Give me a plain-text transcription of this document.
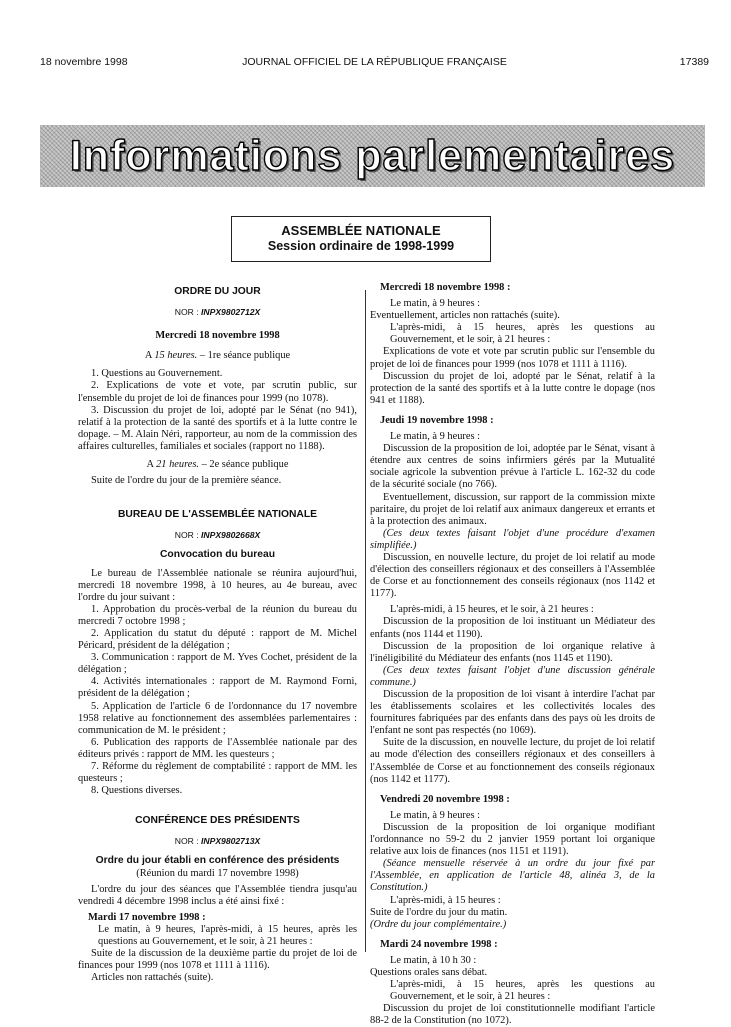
18 novembre 1998	JOURNAL OFFICIEL DE LA RÉPUBLIQUE FRANÇAISE	17389
Informations parlementaires
ASSEMBLÉE NATIONALE
Session ordinaire de 1998-1999
ORDRE DU JOUR
NOR : INPX9802712X
Mercredi 18 novembre 1998

A 15 heures. – 1re séance publique

1. Questions au Gouvernement.

2. Explications de vote et vote, par scrutin public, sur l'ensemble du projet de loi de finances pour 1999 (no 1078).

3. Discussion du projet de loi, adopté par le Sénat (no 941), relatif à la protection de la santé des sportifs et à la lutte contre le dopage. – M. Alain Néri, rapporteur, au nom de la commission des affaires culturelles, familiales et sociales (rapport no 1188).

A 21 heures. – 2e séance publique

Suite de l'ordre du jour de la première séance.

BUREAU DE L'ASSEMBLÉE NATIONALE
NOR : INPX9802668X
Convocation du bureau

Le bureau de l'Assemblée nationale se réunira aujourd'hui, mercredi 18 novembre 1998, à 10 heures, au 4e bureau, avec l'ordre du jour suivant :

1. Approbation du procès-verbal de la réunion du bureau du mercredi 7 octobre 1998 ;

2. Application du statut du député : rapport de M. Michel Péricard, président de la délégation ;

3. Communication : rapport de M. Yves Cochet, président de la délégation ;

4. Activités internationales : rapport de M. Raymond Forni, président de la délégation ;

5. Application de l'article 6 de l'ordonnance du 17 novembre 1958 relative au fonctionnement des assemblées parlementaires : communication de M. le président ;

6. Publication des rapports de l'Assemblée nationale par des éditeurs privés : rapport de MM. les questeurs ;

7. Réforme du règlement de comptabilité : rapport de MM. les questeurs ;

8. Questions diverses.

CONFÉRENCE DES PRÉSIDENTS
NOR : INPX9802713X
Ordre du jour établi en conférence des présidents

(Réunion du mardi 17 novembre 1998)

L'ordre du jour des séances que l'Assemblée tiendra jusqu'au vendredi 4 décembre 1998 inclus a été ainsi fixé :

Mardi 17 novembre 1998 :

Le matin, à 9 heures, l'après-midi, à 15 heures, après les questions au Gouvernement, et le soir, à 21 heures :

Suite de la discussion de la deuxième partie du projet de loi de finances pour 1999 (nos 1078 et 1111 à 1116).

Articles non rattachés (suite).

Mercredi 18 novembre 1998 :

Le matin, à 9 heures :

Eventuellement, articles non rattachés (suite).

L'après-midi, à 15 heures, après les questions au Gouvernement, et le soir, à 21 heures :

Explications de vote et vote par scrutin public sur l'ensemble du projet de loi de finances pour 1999 (nos 1078 et 1111 à 1116).

Discussion du projet de loi, adopté par le Sénat, relatif à la protection de la santé des sportifs et à la lutte contre le dopage (nos 941 et 1188).

Jeudi 19 novembre 1998 :

Le matin, à 9 heures :

Discussion de la proposition de loi, adoptée par le Sénat, visant à étendre aux centres de soins infirmiers gérés par la Mutualité sociale agricole la subvention prévue à l'article L. 162-32 du code de la sécurité sociale (no 766).

Eventuellement, discussion, sur rapport de la commission mixte paritaire, du projet de loi relatif aux animaux dangereux et errants et à la protection des animaux.

(Ces deux textes faisant l'objet d'une procédure d'examen simplifiée.)

Discussion, en nouvelle lecture, du projet de loi relatif au mode d'élection des conseillers régionaux et des conseillers à l'Assemblée de Corse et au fonctionnement des conseils régionaux (nos 1142 et 1177).

L'après-midi, à 15 heures, et le soir, à 21 heures :

Discussion de la proposition de loi instituant un Médiateur des enfants (nos 1144 et 1190).

Discussion de la proposition de loi organique relative à l'inéligibilité du Médiateur des enfants (nos 1145 et 1190).

(Ces deux textes faisant l'objet d'une discussion générale commune.)

Discussion de la proposition de loi visant à interdire l'achat par les établissements scolaires et les collectivités locales des fournitures fabriquées par des enfants dans des pays où les droits de l'enfant ne sont pas respectés (no 1069).

Suite de la discussion, en nouvelle lecture, du projet de loi relatif au mode d'élection des conseillers régionaux et des conseillers à l'Assemblée de Corse et au fonctionnement des conseils régionaux (nos 1142 et 1177).

Vendredi 20 novembre 1998 :

Le matin, à 9 heures :

Discussion de la proposition de loi organique modifiant l'ordonnance no 59-2 du 2 janvier 1959 portant loi organique relative aux lois de finances (nos 1151 et 1191).

(Séance mensuelle réservée à un ordre du jour fixé par l'Assemblée, en application de l'article 48, alinéa 3, de la Constitution.)

L'après-midi, à 15 heures :

Suite de l'ordre du jour du matin.

(Ordre du jour complémentaire.)

Mardi 24 novembre 1998 :

Le matin, à 10 h 30 :

Questions orales sans débat.

L'après-midi, à 15 heures, après les questions au Gouvernement, et le soir, à 21 heures :

Discussion du projet de loi constitutionnelle modifiant l'article 88-2 de la Constitution (no 1072).
